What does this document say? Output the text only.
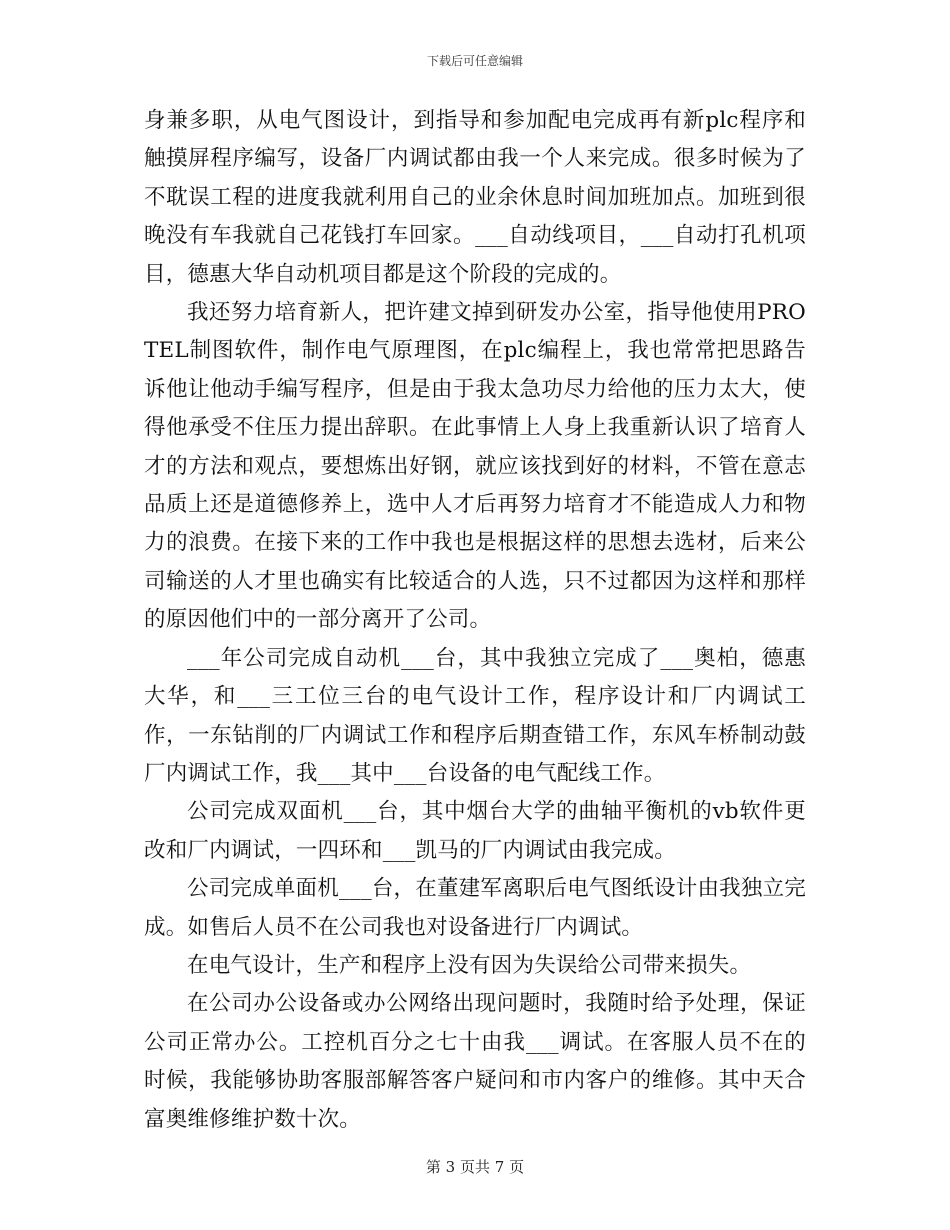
下载后可任意编辑

身兼多职，从电气图设计，到指导和参加配电完成再有新plc程序和触摸屏程序编写，设备厂内调试都由我一个人来完成。很多时候为了不耽误工程的进度我就利用自己的业余休息时间加班加点。加班到很晚没有车我就自己花钱打车回家。___自动线项目，___自动打孔机项目，德惠大华自动机项目都是这个阶段的完成的。

我还努力培育新人，把许建文掉到研发办公室，指导他使用PROTEL制图软件，制作电气原理图，在plc编程上，我也常常把思路告诉他让他动手编写程序，但是由于我太急功尽力给他的压力太大，使得他承受不住压力提出辞职。在此事情上人身上我重新认识了培育人才的方法和观点，要想炼出好钢，就应该找到好的材料，不管在意志品质上还是道德修养上，选中人才后再努力培育才不能造成人力和物力的浪费。在接下来的工作中我也是根据这样的思想去选材，后来公司输送的人才里也确实有比较适合的人选，只不过都因为这样和那样的原因他们中的一部分离开了公司。

___年公司完成自动机___台，其中我独立完成了___奥柏，德惠大华，和___三工位三台的电气设计工作，程序设计和厂内调试工作，一东钻削的厂内调试工作和程序后期查错工作，东风车桥制动鼓厂内调试工作，我___其中___台设备的电气配线工作。

公司完成双面机___台，其中烟台大学的曲轴平衡机的vb软件更改和厂内调试，一四环和___凯马的厂内调试由我完成。

公司完成单面机___台，在董建军离职后电气图纸设计由我独立完成。如售后人员不在公司我也对设备进行厂内调试。

在电气设计，生产和程序上没有因为失误给公司带来损失。

在公司办公设备或办公网络出现问题时，我随时给予处理，保证公司正常办公。工控机百分之七十由我___调试。在客服人员不在的时候，我能够协助客服部解答客户疑问和市内客户的维修。其中天合富奥维修维护数十次。

第 3 页共 7 页
